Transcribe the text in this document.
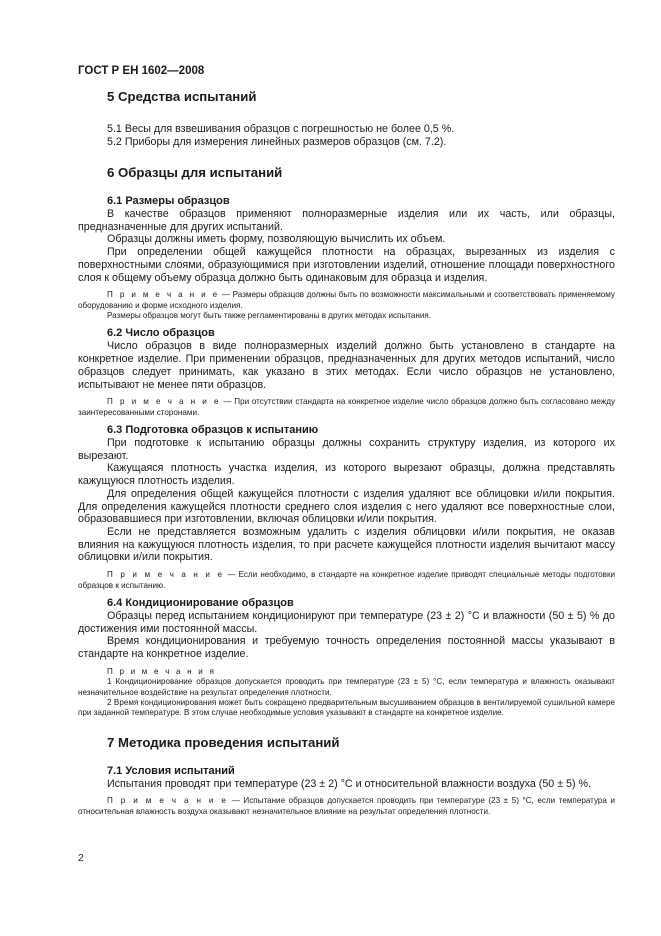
ГОСТ Р ЕН 1602—2008
5 Средства испытаний
5.1 Весы для взвешивания образцов с погрешностью не более 0,5 %.
5.2 Приборы для измерения линейных размеров образцов (см. 7.2).
6 Образцы для испытаний
6.1 Размеры образцов

В качестве образцов применяют полноразмерные изделия или их часть, или образцы, предназначенные для других испытаний.

Образцы должны иметь форму, позволяющую вычислить их объем.

При определении общей кажущейся плотности на образцах, вырезанных из изделия с поверхностными слоями, образующимися при изготовлении изделий, отношение площади поверхностного слоя к общему объему образца должно быть одинаковым для образца и изделия.

П р и м е ч а н и е — Размеры образцов должны быть по возможности максимальными и соответствовать применяемому оборудованию и форме исходного изделия.

Размеры образцов могут быть также регламентированы в других методах испытания.

6.2 Число образцов

Число образцов в виде полноразмерных изделий должно быть установлено в стандарте на конкретное изделие. При применении образцов, предназначенных для других методов испытаний, число образцов следует принимать, как указано в этих методах. Если число образцов не установлено, испытывают не менее пяти образцов.

П р и м е ч а н и е — При отсутствии стандарта на конкретное изделие число образцов должно быть согласовано между заинтересованными сторонами.

6.3 Подготовка образцов к испытанию

При подготовке к испытанию образцы должны сохранить структуру изделия, из которого их вырезают.

Кажущаяся плотность участка изделия, из которого вырезают образцы, должна представлять кажущуюся плотность изделия.

Для определения общей кажущейся плотности с изделия удаляют все облицовки и/или покрытия. Для определения кажущейся плотности среднего слоя изделия с него удаляют все поверхностные слои, образовавшиеся при изготовлении, включая облицовки и/или покрытия.

Если не представляется возможным удалить с изделия облицовки и/или покрытия, не оказав влияния на кажущуюся плотность изделия, то при расчете кажущейся плотности изделия вычитают массу облицовки и/или покрытия.

П р и м е ч а н и е — Если необходимо, в стандарте на конкретное изделие приводят специальные методы подготовки образцов к испытанию.

6.4 Кондиционирование образцов

Образцы перед испытанием кондиционируют при температуре (23 ± 2) °С и влажности (50 ± 5) % до достижения ими постоянной массы.

Время кондиционирования и требуемую точность определения постоянной массы указывают в стандарте на конкретное изделие.

П р и м е ч а н и я

1 Кондиционирование образцов допускается проводить при температуре (23 ± 5) °С, если температура и влажность оказывают незначительное воздействие на результат определения плотности.

2 Время кондиционирования может быть сокращено предварительным высушиванием образцов в вентилируемой сушильной камере при заданной температуре. В этом случае необходимые условия указывают в стандарте на конкретное изделие.

7 Методика проведения испытаний
7.1 Условия испытаний

Испытания проводят при температуре (23 ± 2) °С и относительной влажности воздуха (50 ± 5) %.

П р и м е ч а н и е — Испытание образцов допускается проводить при температуре (23 ± 5) °С, если температура и относительная влажность воздуха оказывают незначительное влияние на результат определения плотности.

2
